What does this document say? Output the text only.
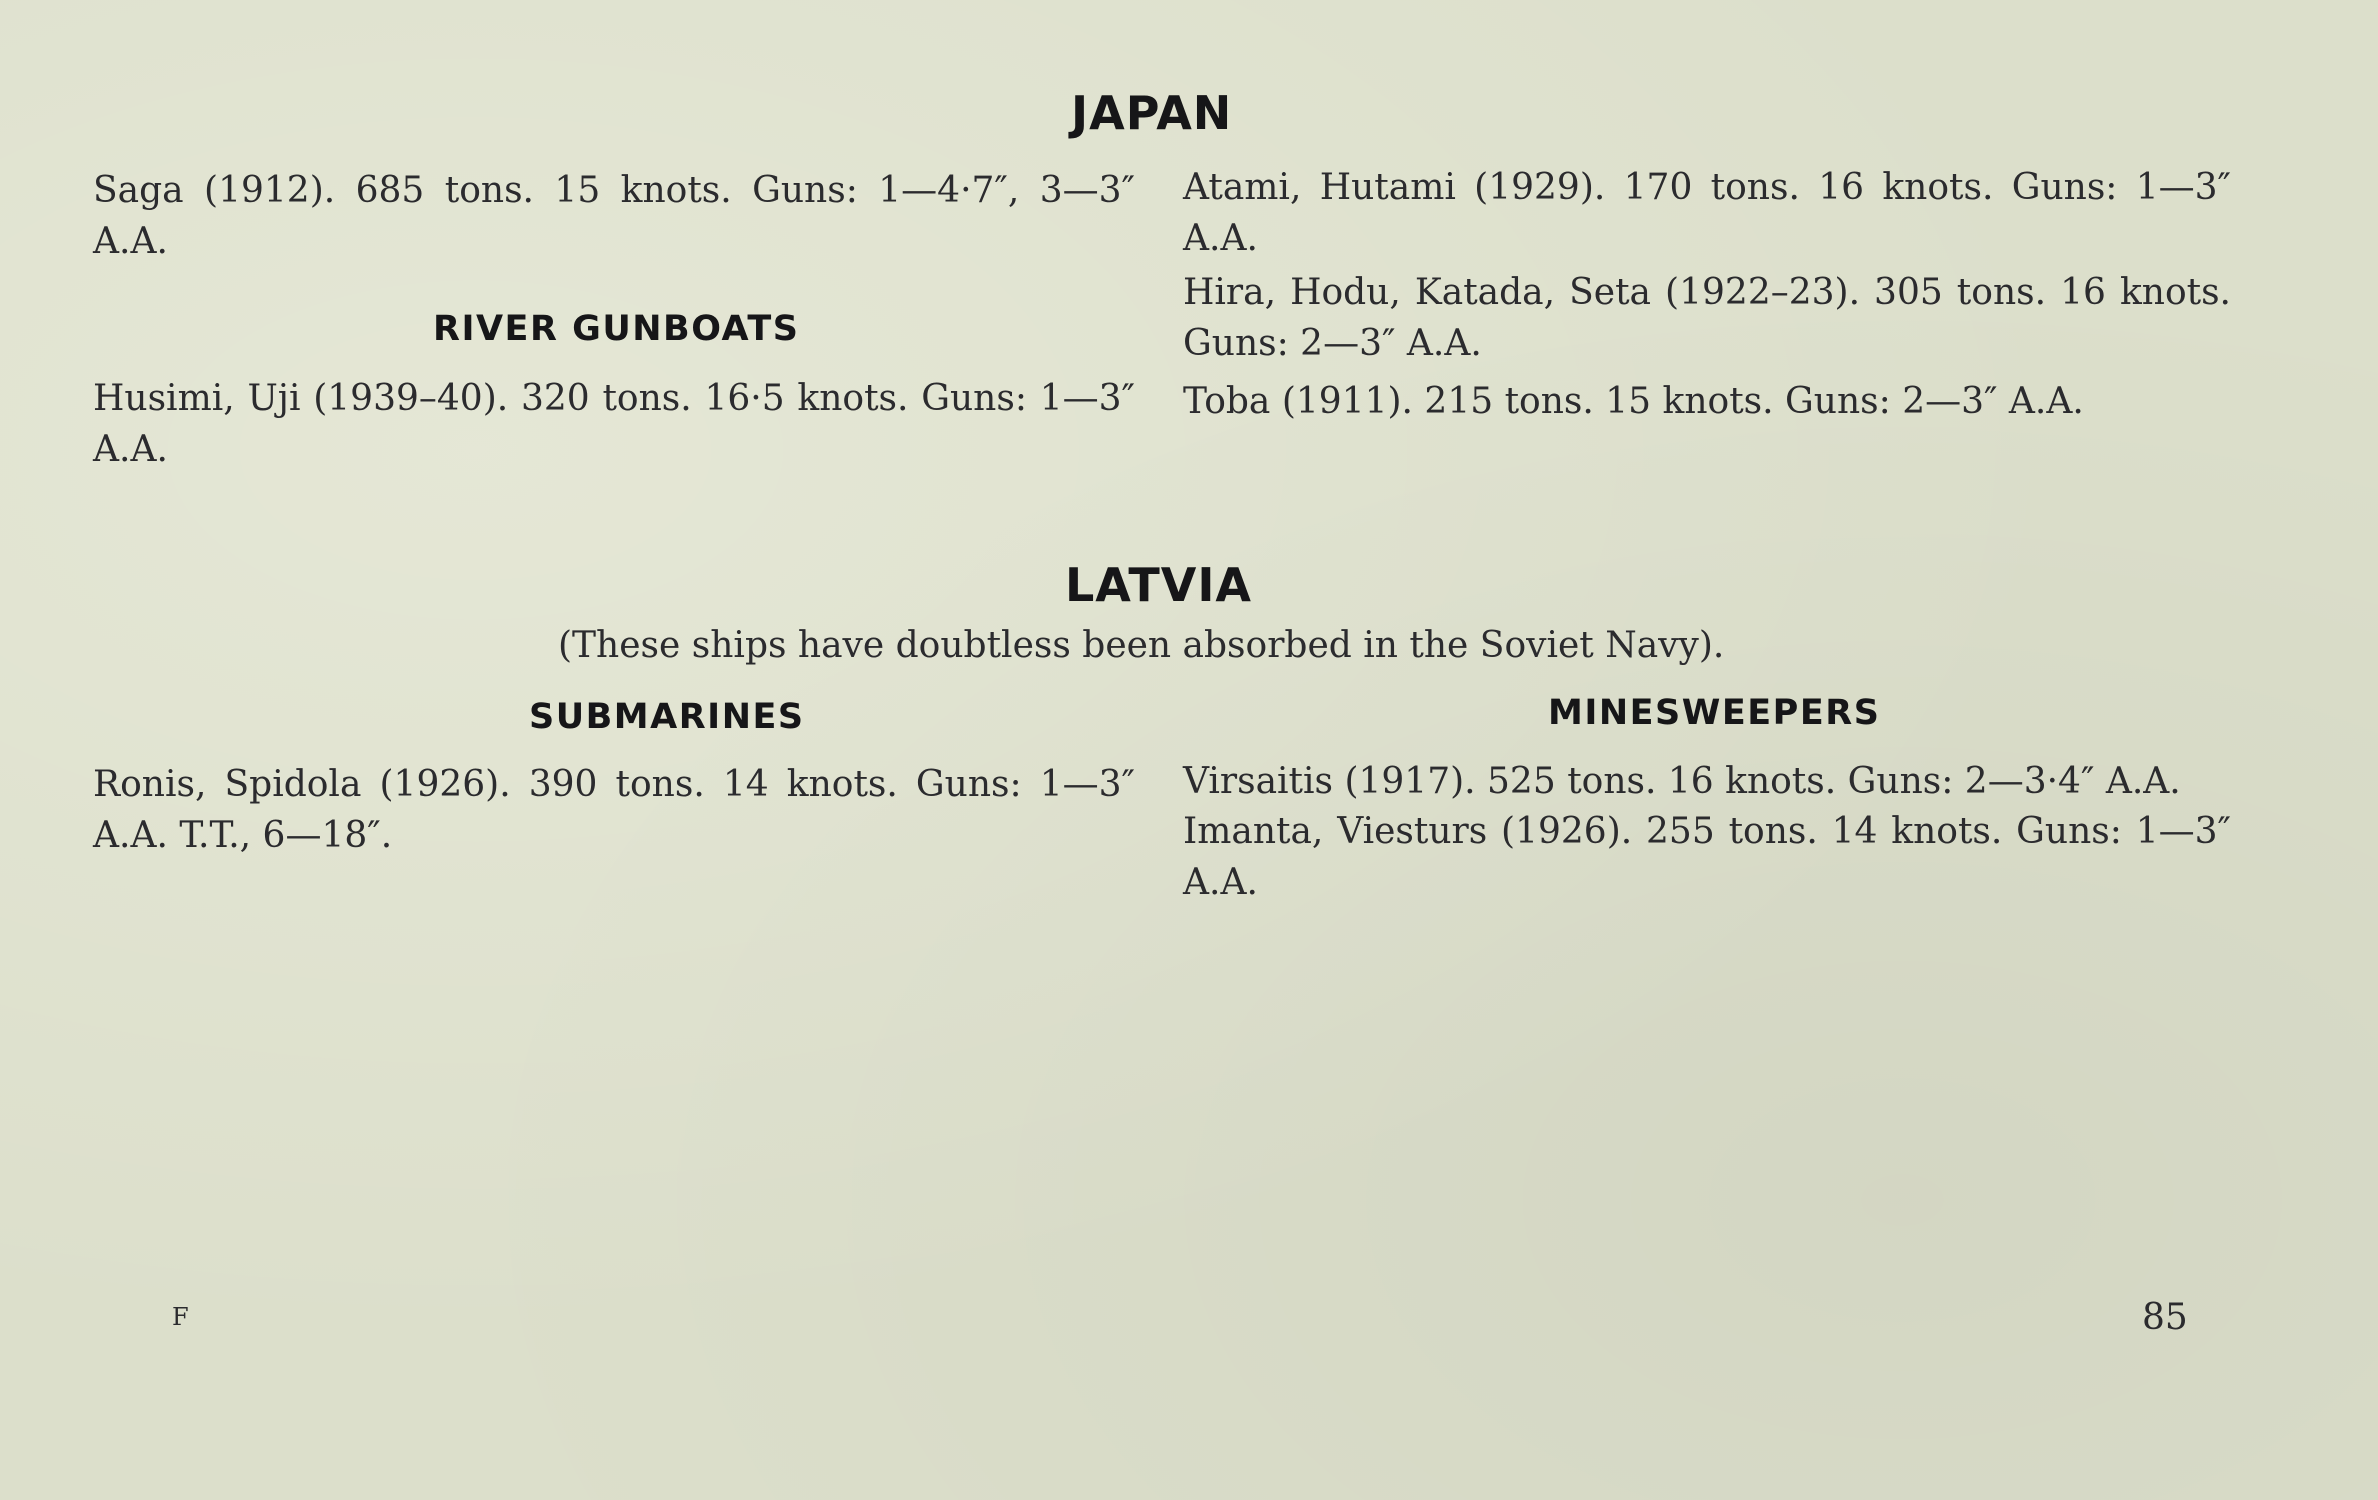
JAPAN
Saga (1912). 685 tons. 15 knots. Guns: 1—4·7″, 3—3″ A.A.
RIVER GUNBOATS
Husimi, Uji (1939–40). 320 tons. 16·5 knots. Guns: 1—3″ A.A.
Atami, Hutami (1929). 170 tons. 16 knots. Guns: 1—3″ A.A.
Hira, Hodu, Katada, Seta (1922–23). 305 tons. 16 knots. Guns: 2—3″ A.A.
Toba (1911). 215 tons. 15 knots. Guns: 2—3″ A.A.
LATVIA
(These ships have doubtless been absorbed in the Soviet Navy).
SUBMARINES
Ronis, Spidola (1926). 390 tons. 14 knots. Guns: 1—3″ A.A. T.T., 6—18″.
MINESWEEPERS
Virsaitis (1917). 525 tons. 16 knots. Guns: 2—3·4″ A.A.
Imanta, Viesturs (1926). 255 tons. 14 knots. Guns: 1—3″ A.A.
F	85
